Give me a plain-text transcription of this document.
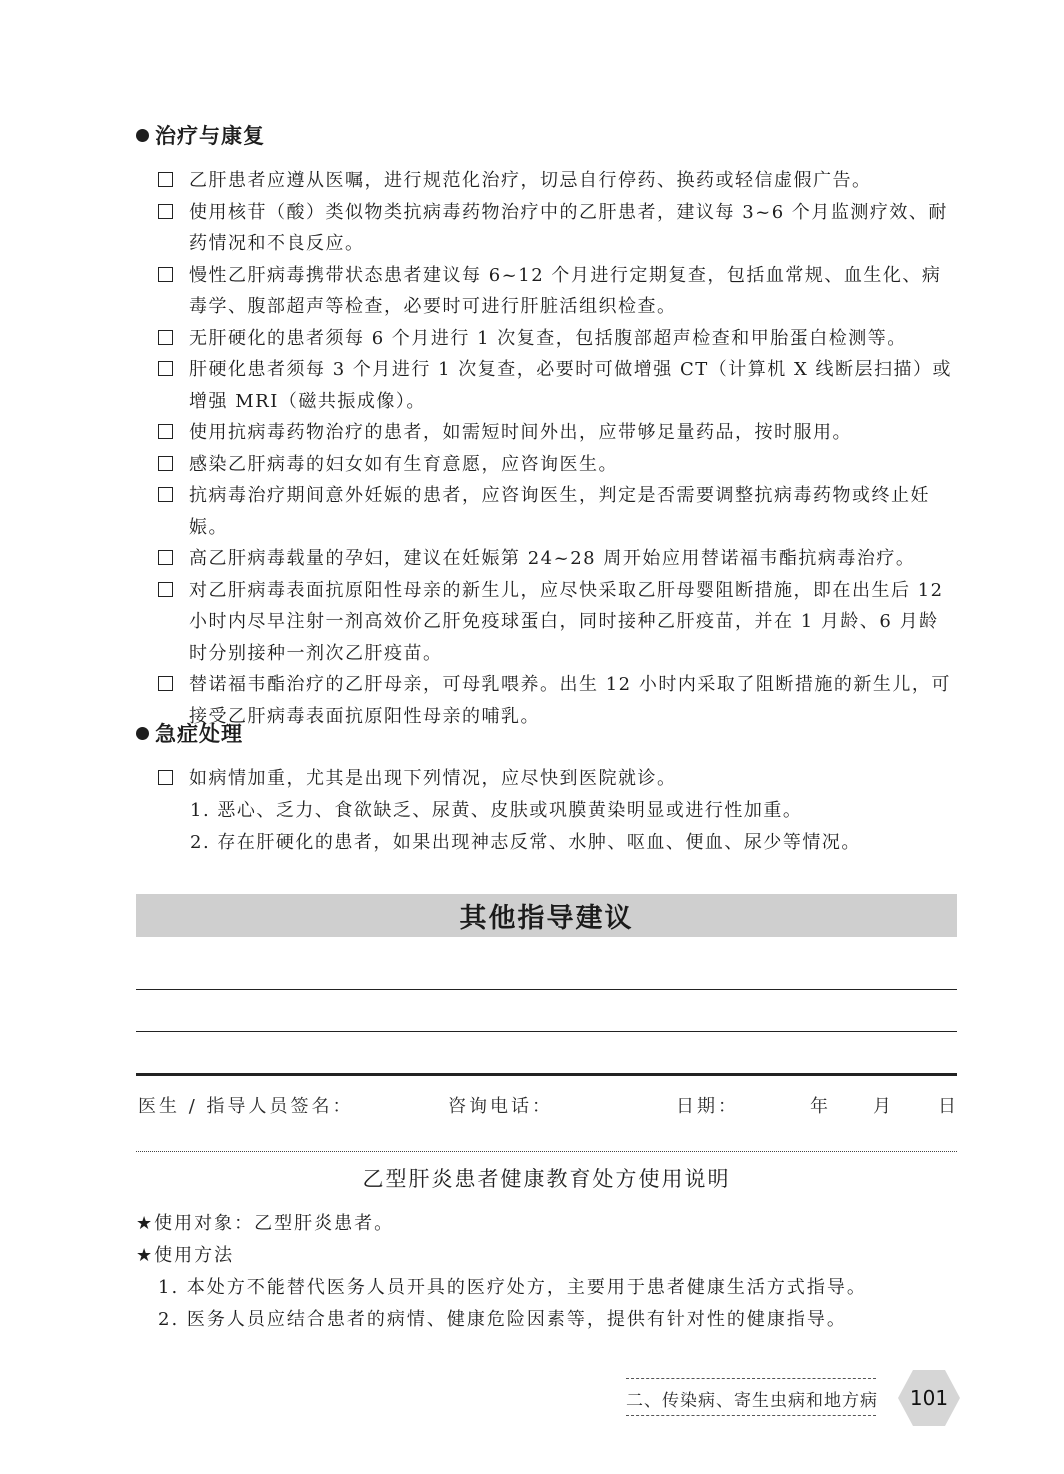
治疗与康复
乙肝患者应遵从医嘱，进行规范化治疗，切忌自行停药、换药或轻信虚假广告。
使用核苷（酸）类似物类抗病毒药物治疗中的乙肝患者，建议每 3~6 个月监测疗效、耐药情况和不良反应。
慢性乙肝病毒携带状态患者建议每 6~12 个月进行定期复查，包括血常规、血生化、病毒学、腹部超声等检查，必要时可进行肝脏活组织检查。
无肝硬化的患者须每 6 个月进行 1 次复查，包括腹部超声检查和甲胎蛋白检测等。
肝硬化患者须每 3 个月进行 1 次复查，必要时可做增强 CT（计算机 X 线断层扫描）或增强 MRI（磁共振成像）。
使用抗病毒药物治疗的患者，如需短时间外出，应带够足量药品，按时服用。
感染乙肝病毒的妇女如有生育意愿，应咨询医生。
抗病毒治疗期间意外妊娠的患者，应咨询医生，判定是否需要调整抗病毒药物或终止妊娠。
高乙肝病毒载量的孕妇，建议在妊娠第 24~28 周开始应用替诺福韦酯抗病毒治疗。
对乙肝病毒表面抗原阳性母亲的新生儿，应尽快采取乙肝母婴阻断措施，即在出生后 12 小时内尽早注射一剂高效价乙肝免疫球蛋白，同时接种乙肝疫苗，并在 1 月龄、6 月龄时分别接种一剂次乙肝疫苗。
替诺福韦酯治疗的乙肝母亲，可母乳喂养。出生 12 小时内采取了阻断措施的新生儿，可接受乙肝病毒表面抗原阳性母亲的哺乳。
急症处理
如病情加重，尤其是出现下列情况，应尽快到医院就诊。
1. 恶心、乏力、食欲缺乏、尿黄、皮肤或巩膜黄染明显或进行性加重。
2. 存在肝硬化的患者，如果出现神志反常、水肿、呕血、便血、尿少等情况。
其他指导建议
医生 / 指导人员签名：	咨询电话：	日期：	年 月 日
乙型肝炎患者健康教育处方使用说明
★使用对象：乙型肝炎患者。
★使用方法
1. 本处方不能替代医务人员开具的医疗处方，主要用于患者健康生活方式指导。
2. 医务人员应结合患者的病情、健康危险因素等，提供有针对性的健康指导。
二、传染病、寄生虫病和地方病 101
